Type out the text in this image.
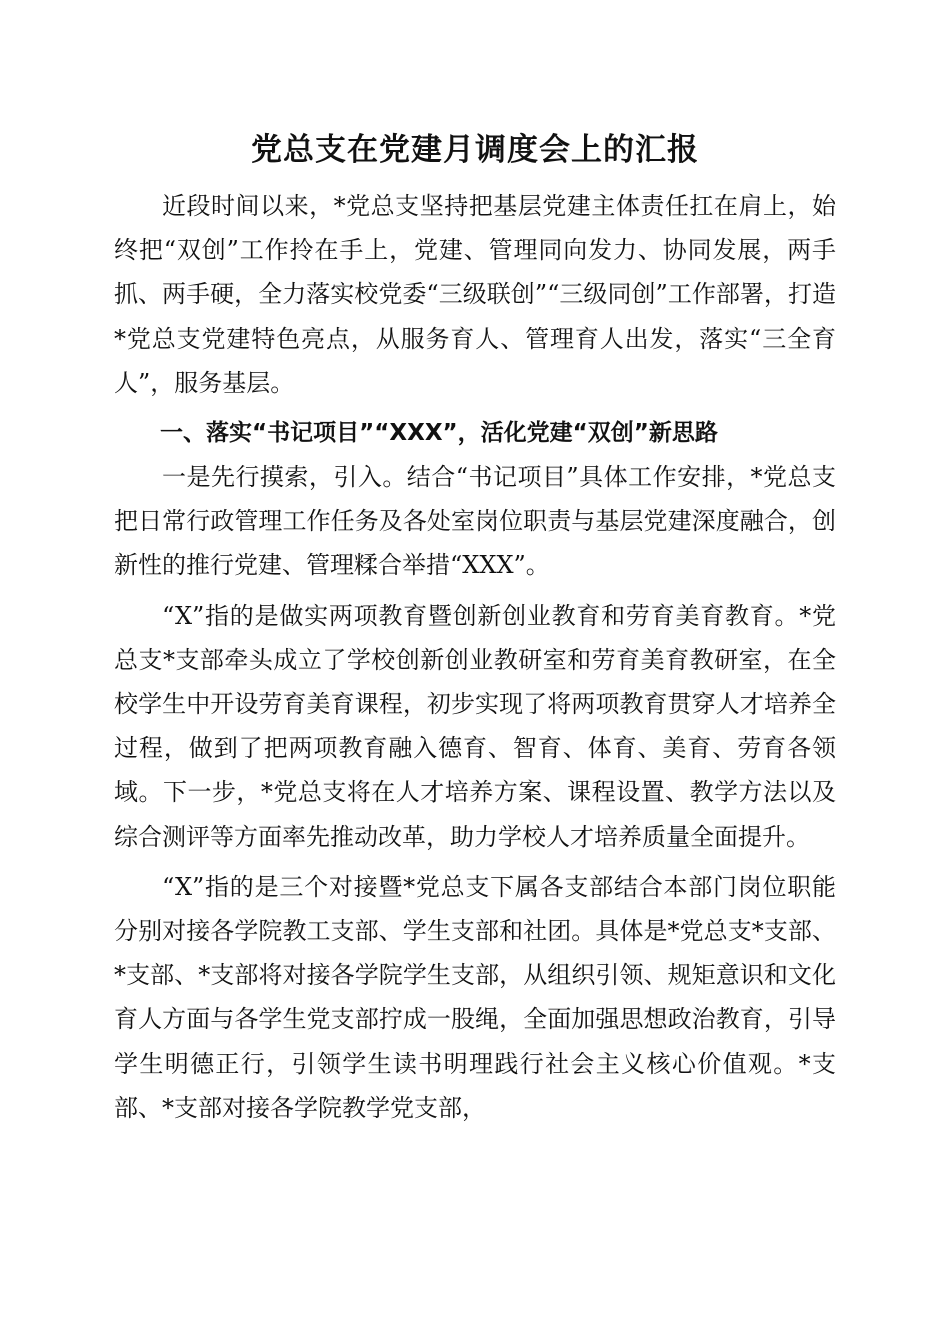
党总支在党建月调度会上的汇报

近段时间以来，*党总支坚持把基层党建主体责任扛在肩上，始终把“双创”工作拎在手上，党建、管理同向发力、协同发展，两手抓、两手硬，全力落实校党委“三级联创”“三级同创”工作部署，打造*党总支党建特色亮点，从服务育人、管理育人出发，落实“三全育人”，服务基层。

一、落实“书记项目”“XXX”，活化党建“双创”新思路

一是先行摸索，引入。结合“书记项目”具体工作安排，*党总支把日常行政管理工作任务及各处室岗位职责与基层党建深度融合，创新性的推行党建、管理糅合举措“XXX”。

“X”指的是做实两项教育暨创新创业教育和劳育美育教育。*党总支*支部牵头成立了学校创新创业教研室和劳育美育教研室，在全校学生中开设劳育美育课程，初步实现了将两项教育贯穿人才培养全过程，做到了把两项教育融入德育、智育、体育、美育、劳育各领域。下一步，*党总支将在人才培养方案、课程设置、教学方法以及综合测评等方面率先推动改革，助力学校人才培养质量全面提升。

“X”指的是三个对接暨*党总支下属各支部结合本部门岗位职能分别对接各学院教工支部、学生支部和社团。具体是*党总支*支部、*支部、*支部将对接各学院学生支部，从组织引领、规矩意识和文化育人方面与各学生党支部拧成一股绳，全面加强思想政治教育，引导学生明德正行，引领学生读书明理践行社会主义核心价值观。*支部、*支部对接各学院教学党支部，
